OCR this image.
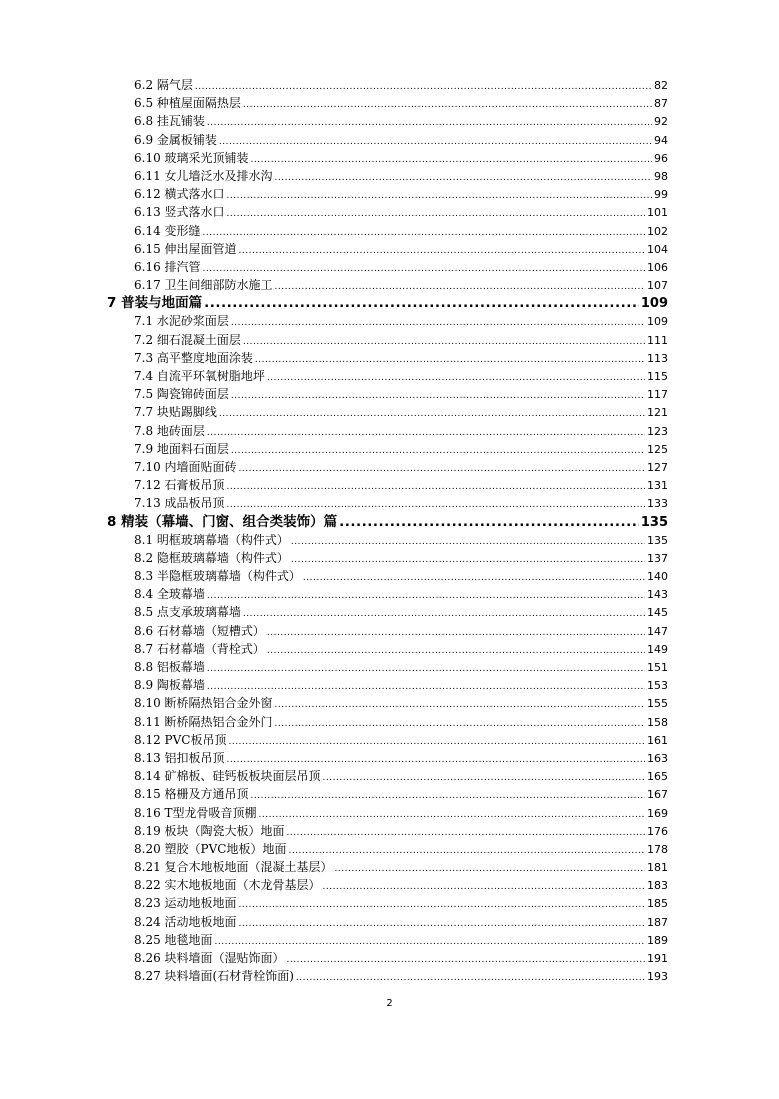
6.2 隔气层 .....	82
6.5 种植屋面隔热层 .....	87
6.8 挂瓦铺装 .....	92
6.9 金属板铺装 .....	94
6.10 玻璃采光顶铺装 .....	96
6.11 女儿墙泛水及排水沟 .....	98
6.12 横式落水口 .....	99
6.13 竖式落水口 .....	101
6.14 变形缝 .....	102
6.15 伸出屋面管道 .....	104
6.16 排汽管 .....	106
6.17 卫生间细部防水施工 .....	107
7 普装与地面篇 .....	109
7.1 水泥砂浆面层 .....	109
7.2 细石混凝土面层 .....	111
7.3 高平整度地面涂装 .....	113
7.4 自流平环氧树脂地坪 .....	115
7.5 陶瓷锦砖面层 .....	117
7.7 块贴踢脚线 .....	121
7.8 地砖面层 .....	123
7.9 地面料石面层 .....	125
7.10 内墙面贴面砖 .....	127
7.12 石膏板吊顶 .....	131
7.13 成品板吊顶 .....	133
8 精装（幕墙、门窗、组合类装饰）篇 .....	135
8.1 明框玻璃幕墙（构件式） .....	135
8.2 隐框玻璃幕墙（构件式） .....	137
8.3 半隐框玻璃幕墙（构件式） .....	140
8.4 全玻幕墙 .....	143
8.5 点支承玻璃幕墙 .....	145
8.6 石材幕墙（短槽式） .....	147
8.7 石材幕墙（背栓式） .....	149
8.8 铝板幕墙 .....	151
8.9 陶板幕墙 .....	153
8.10 断桥隔热铝合金外窗 .....	155
8.11 断桥隔热铝合金外门 .....	158
8.12 PVC板吊顶 .....	161
8.13 铝扣板吊顶 .....	163
8.14 矿棉板、硅钙板板块面层吊顶 .....	165
8.15 格栅及方通吊顶 .....	167
8.16 T型龙骨吸音顶棚 .....	169
8.19 板块（陶瓷大板）地面 .....	176
8.20 塑胶（PVC地板）地面 .....	178
8.21 复合木地板地面（混凝土基层） .....	181
8.22 实木地板地面（木龙骨基层） .....	183
8.23 运动地板地面 .....	185
8.24 活动地板地面 .....	187
8.25 地毯地面 .....	189
8.26 块料墙面（湿贴饰面） .....	191
8.27 块料墙面(石材背栓饰面) .....	193
2
